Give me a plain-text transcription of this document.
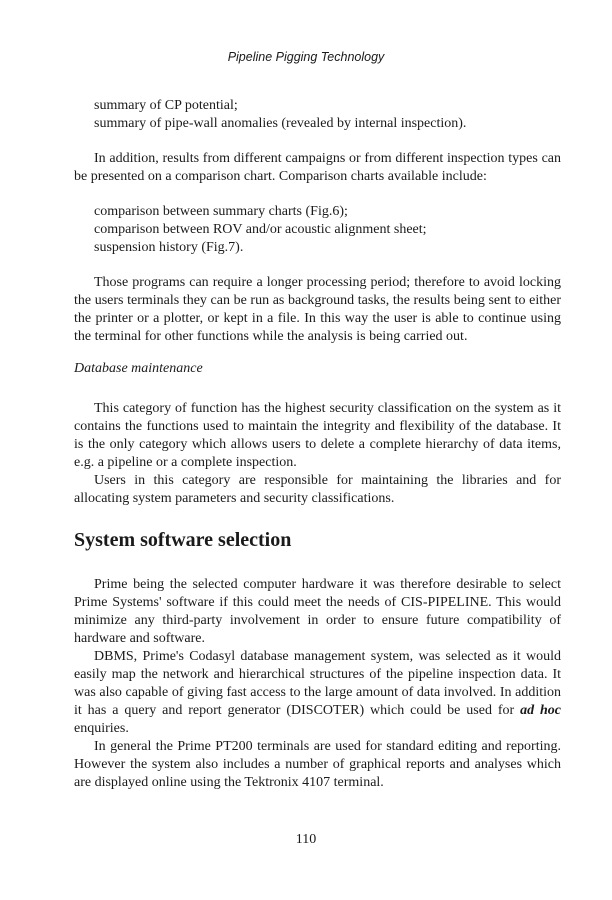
Pipeline Pigging Technology
summary of CP potential;
summary of pipe-wall anomalies (revealed by internal inspection).

In addition, results from different campaigns or from different inspection types can be presented on a comparison chart. Comparison charts available include:

comparison between summary charts (Fig.6);
comparison between ROV and/or acoustic alignment sheet;
suspension history (Fig.7).

Those programs can require a longer processing period; therefore to avoid locking the users terminals they can be run as background tasks, the results being sent to either the printer or a plotter, or kept in a file. In this way the user is able to continue using the terminal for other functions while the analysis is being carried out.

Database maintenance

This category of function has the highest security classification on the system as it contains the functions used to maintain the integrity and flexibility of the database. It is the only category which allows users to delete a complete hierarchy of data items, e.g. a pipeline or a complete inspection.

Users in this category are responsible for maintaining the libraries and for allocating system parameters and security classifications.

System software selection

Prime being the selected computer hardware it was therefore desirable to select Prime Systems' software if this could meet the needs of CIS-PIPELINE. This would minimize any third-party involvement in order to ensure future compatibility of hardware and software.

DBMS, Prime's Codasyl database management system, was selected as it would easily map the network and hierarchical structures of the pipeline inspection data. It was also capable of giving fast access to the large amount of data involved. In addition it has a query and report generator (DISCOTER) which could be used for ad hoc enquiries.

In general the Prime PT200 terminals are used for standard editing and reporting. However the system also includes a number of graphical reports and analyses which are displayed online using the Tektronix 4107 terminal.

110
